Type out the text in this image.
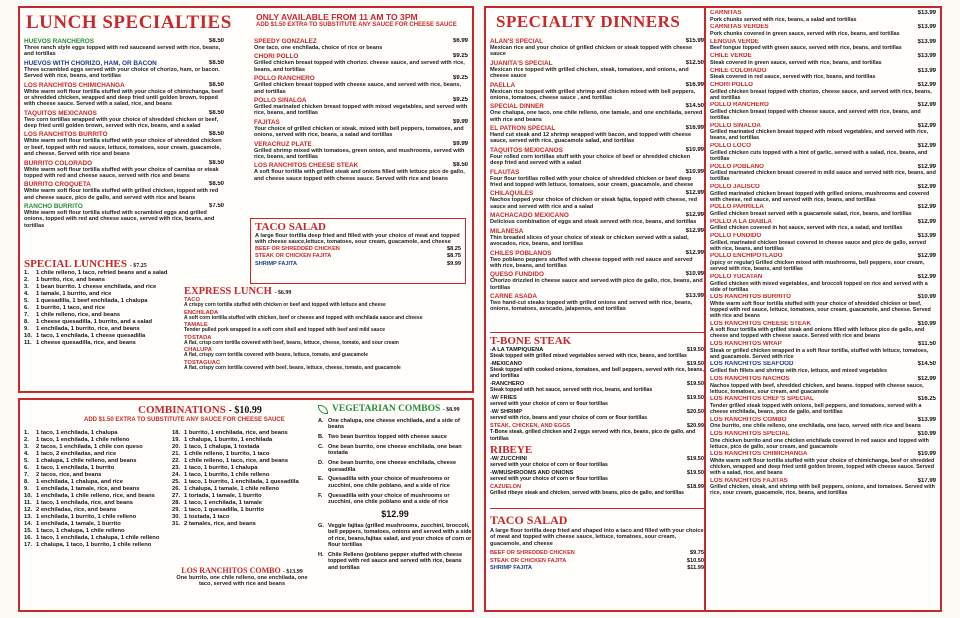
LUNCH SPECIALTIES	ONLY AVAILABLE FROM 11 AM TO 3PM
ADD $1.50 EXTRA TO SUBSTITUTE ANY SAUCE FOR CHEESE SAUCE
$8.50
HUEVOS RANCHEROS
Three ranch style eggs topped with red sauceand served with rice, beans, and tortillas
$8.50
HUEVOS WITH CHORIZO, HAM, OR BACON
Three scrambled eggs served with your choice of chorizo, ham, or bacon. Served with rice, beans, and tortillas
$8.50
LOS RANCHITOS CHIMICHANGA
White warm soft flour tortilla stuffed with your choice of chimichanga, beef or shredded chicken, wrapped and deep fried until golden brown, topped with cheese sauce. Served with a salad, rice, and beans
$8.50
TAQUITOS MEXICANOS
Two corn tortillas wrapped with your choice of shredded chicken or beef, deep fried until golden brown, served with rice, beans, and a salad
$8.50
LOS RANCHITOS BURRITO
White warm soft flour tortilla stuffed with your choice of shredded chicken or beef, topped with red sauce, lettuce, tomatoes, sour cream, guacamole, and cheese. Served with rice and beans
$8.50
BURRITO COLORADO
White warm soft flour tortilla stuffed with your choice of carnitas or steak topped with red and cheese sauce, served with rice and beans
$8.50
BURRITO CROQUETA
White warm soft flour tortilla stuffed with grilled chicken, topped with red and cheese sauce, pico de gallo, and served with rice and beans
$7.50
RANCHO BURRITO
White warm soft flour tortilla stuffed with scrambled eggs and grilled onions, topped with red and cheese sauce, served with rice, beans, and tortillas
$6.99
SPEEDY GONZALEZ
One taco, one enchilada, choice of rice or beans
$9.25
CHORI POLLO
Grilled chicken breast topped with chorizo. cheese sauce, and served with rice, beans, and tortillas
$9.25
POLLO RANCHERO
Grilled chicken breast topped with cheese sauce, and served with rice, beans, and tortillas
$9.25
POLLO SINALOA
Grilled marinated chicken breast topped with mixed vegetables, and served with rice, beans, and tortillas
$9.99
FAJITAS
Your choice of grilled chicken or steak, mixed with bell peppers, tomatoes, and onions, served with rice, beans, a salad and tortillas
$9.99
VERACRUZ PLATE
Grilled shrimp mixed with tomatoes, green onion, and mushrooms, served with rice, beans, and tortillas
$8.50
LOS RANCHITOS CHEESE STEAK
A soft flour tortilla with grilled steak and onions filled with lettuce pico de gallo, and cheese sauce topped with cheese sauce. Served with rice and beans
TACO SALAD
A large flour tortilla deep fried and filled with your choice of meat and topped with cheese sauce,lettuce, tomatoes, sour cream, guacamole, and cheese
$8.25
BEEF OR SHREDDED CHICKEN
$8.75
STEAK OR CHICKEN FAJITA
$9.99
SHRIMP FAJITA
SPECIAL LUNCHES - $7.25
1. 1 chile relleno, 1 taco, refried beans and a salad
2. 1 burrito, rice, and beans
3. 1 bean burrito. 1 cheese enchilada, and rice
4. 1 tamale, 1 burrito, and rice
5. 1 quesadilla, 1 beef enchilada, 1 chalupa
6. 1 burrito, 1 taco, and rice
7. 1 chile relleno, rice, and beans
8. 1 cheese quesadilla, 1 burrito, and a salad
9. 1 enchilada, 1 burrito, rice, and beans
10. 1 taco, 1 enchilada, 1 cheese quesadilla
11. 1 cheese quesadilla, rice, and beans
EXPRESS LUNCH - $6.99
TACO
A crispy corn tortilla stuffed with chicken or beef and topped with lettuce and cheese
ENCHILADA
A soft corn tortilla stuffed with chicken, beef or cheese and topped with enchilada sauce and cheese
TAMALE
Tender pulled pork wrapped in a soft corn shell and topped with beef and mild sauce
TOSTADA
A flat, crisp corn tortilla covered with beef, beans, lettuce, cheese, tomato, and sour cream
CHALUPA
A flat, crispy corn tortilla covered with beans, lettuce, tomato, and guacamole
TOSTAGUAC
A flat, crispy corn tortilla covered with beef, beans, lettuce, cheese, tomato, and guacamole
COMBINATIONS - $10.99
ADD $1.50 EXTRA TO SUBSTITUTE ANY SAUCE FOR CHEESE SAUCE
1. 1 taco, 1 enchilada, 1 chalupa
2. 1 taco, 1 enchilada, 1 chile relleno
3. 2 tacos, 1 enchilada, 1 chile con queso
4. 1 taco, 2 enchiladas, and rice
5. 1 chalupa, 1 chile relleno, and beans
6. 1 taco, 1 enchilada, 1 burrito
7. 2 tacos, rice, and beans
8. 1 enchilada, 1 chalupa, and rice
9. 1 enchilada, 1 tamale, rice, and beans
10. 1 enchilada, 1 chile relleno, rice, and beans
11. 1 taco, 1 enchilada, rice, and beans
12. 2 enchiladas, rice, and beans
13. 1 enchilada, 1 burrito, 1 chile relleno
14. 1 enchilada, 1 tamale, 1 burrito
15. 1 taco, 1 chalupa, 1 chile relleno
16. 1 taco, 1 enchilada, 1 chalupa, 1 chile relleno
17. 1 chalupa, 1 taco, 1 burrito, 1 chile relleno
18. 1 burrito, 1 enchilada, rice, and beans
19. 1 chalupa, 1 burrito, 1 enchilada
20. 1 taco, 1 chalupa, 1 tostada
21. 1 chile relleno, 1 burrito, 1 taco
22. 1 chile relleno, 1 taco, rice, and beans
23. 1 taco, 1 burrito, 1 chalupa
24. 1 taco, 1 burrito, 1 chile relleno
25. 1 taco, 1 burrito, 1 enchilada, 1 quesadilla
26. 1 chalupa, 1 tamale, 1 chile relleno
27. 1 tortada, 1 tamale, 1 burrito
28. 1 taco, 1 enchilada, 1 tamale
29. 1 taco, 1 quesadilla, 1 burrito
30. 1 tostada, 1 taco
31. 2 tamales, rice, and beans
LOS RANCHITOS COMBO - $13.99
One burrito, one chile relleno, one enchilada, one taco, served with rice and beans
VEGETARIAN COMBOS - $8.99
A. One chalupa, one cheese enchilada, and a side of beans
B. Two bean burritos topped with cheese sauce
C. One bean burrito, one cheese enchilada, one bean tostada
D. One bean burrito, one cheese enchilada, cheese quesadilla
E. Quesadilla with your choice of mushrooms or zucchini, one chile poblano, and a side of rice
F.	Quesadilla with your choice of mushrooms or zucchini, one chile poblano and a side of rice
$12.99
G. Veggie fajitas (grilled mushrooms, zucchini, broccoli, bell peppers, tomatoes, onions and served with a side of rice, beans,fajitas salad, and your choice of corn or flour tortillas
H. Chile Relleno (poblano pepper stuffed with cheese topped with red sauce and served with rice, beans and tortillas
SPECIALTY DINNERS
$15.99
ALAN'S SPECIAL
Mexican rice and your choice of grilled chicken or steak topped with cheese sauce
$12.50
JUANITA'S SPECIAL
Mexican rice topped with grilled chicken, steak, tomatoes, and onions, and cheese sauce
$16.99
PAELLA
Mexican rice topped with grilled shrimp and chicken mixed with bell peppers, onions, tomatoes, cheese sauce , and tortillas
$14.50
SPECIAL DINNER
One chalupa, one taco, one chile relleno, one tamale, and one enchilada, served with rice and beans
$16.99
EL PATRON SPECIAL
Hand cut steak and 12 shrimp wrapped with bacon, and topped with cheese sauce, served with rice, guacamole salad, and tortillas
$10.99
TAQUITOS MEXICANOS
Four rolled corn tortillas stuff with your choice of beef or shredded chicken deep fried and served with a salad
$10.99
FLAUTAS
Four flour tortillas rolled with your choice of shredded chicken or beef deep fried and topped with lettuce, tomatoes, sour cream, guacamole, and cheese
$12.99
CHILAQUILES
Nachos topped your choice of chicken or steak fajita, topped with cheese, red sauce and served with rice and a salad
$12.99
MACHACADO MEXICANO
Delicious combination of eggs and steak served with rice, beans, and tortillas
$12.99
MILANESA
Thin breaded slices of your choice of steak or chicken served with a salad, avocados, rice, beans, and tortillas
$12.99
CHILES POBLANOS
Two poblano peppers stuffed with cheese topped with red sauce and served with rice, beans, and tortillas
$10.99
QUESO FUNDIDO
Chorizo drizzled in cheese sauce and served with pico de gallo, rice, beans, and tortillas
$13.99
CARNE ASADA
Two hand-cut steaks topped with grilled onions and served with rice, beans, onions, tomatoes, avocado, jalapenos, and tortillas
T-BONE STEAK
$19.50
-A LA TAMPIQUENA
Steak topped with grilled mixed vegetables served with rice, beans, and tortillas
$19.50
-MEXICANO
Steak topped with cooked onions, tomatoes, and bell peppers, served with rice, beans, and tortillas
$19.50
-RANCHERO
Steak topped with hot sauce, served with rice, beans, and tortillas
$19.50
-W/ FRIES
served with your choice of corn or flour tortillas
$20.50
-W/ SHRIMP
served with rice, beans and your choice of corn or flour tortillas
$20.99
STEAK, CHICKEN, AND EGGS
T-Bone steak, grilled chicken and 2 eggs served with rice, beans, pico de gallo, and tortillas
RIBEYE
$19.50
-W/ ZUCCHINI
served with your choice of corn or flour tortillas
$19.50
-W/MUSHROOMS AND ONIONS
served with your choice of corn or flour tortillas
$18.99
CAZUELON
Grilled ribeye steak and chicken, served with beans, pico de gallo, and tortillas
TACO SALAD
A large flour tortilla deep fried and shaped into a taco and filled with your choice of meat and topped with cheese sauce, lettuce, tomatoes, sour cream, guacamole, and cheese
$9.75
BEEF OR SHREDDED CHICKEN
$10.50
STEAK OR CHICKEN FAJITA
$11.99
SHRIMP FAJITA
$13.99
CARNITAS
Pork chunks served with rice, beans, a salad and tortillas
$13.99
CARNITAS VERDES
Pork chunks covered in green sauce, served with rice, beans, and tortillas
$13.99
LENGUA VERDE
Beef tongue topped with green sauce, served with rice, beans, and tortillas
$13.99
CHILE VERDE
Steak covered in green sauce, served with rice, beans, and tortillas
$13.99
CHILE COLORADO
Steak covered in red sauce, served with rice, beans, and tortillas
$12.99
CHORI POLLO
Grilled chicken breast topped with chorizo, cheese sauce, and served with rice, beans, and tortillas
$12.99
POLLO RANCHERO
Grilled chicken breast topped with cheese sauce, and served with rice, beans, and tortillas
$12.99
POLLO SINALOA
Grilled marinated chicken breast topped with mixed vegetables, and served with rice, beans, and tortillas
$12.99
POLLO LOCO
Grilled chicken cuts topped with a hint of garlic, served with a salad, rice, beans, and tortillas
$12.99
POLLO POBLANO
Grilled marinated chicken breast covered in mild sauce and served with rice, beans, and tortillas
$12.99
POLLO JALISCO
Grilled marinated chicken breast topped with grilled onions, mushrooms and covered with cheese, red sauce, and served with rice, beans, and tortillas
$12.99
POLLO PARRILLA
Grilled chicken breast served with a guacamole salad, rice, beans, and tortillas
$12.99
POLLO A LA DIABLA
Grilled chicken covered in hot sauce, served with rice, a salad, and tortillas
$13.99
POLLO FUNDIDO
Grilled, marinated chicken breast covered in cheese sauce and pico de gallo, served with rice, beans, and tortillas
$12.99
POLLO ENCHIPOTLADO
(spicy or regular) Grilled chicken mixed with mushrooms, bell peppers, sour cream, served with rice, beans, and tortillas
$12.99
POLLO YUCATAN
Grilled chicken with mixed vegetables, and broccoli topped on rice and served with a side of tortillas
$10.99
LOS RANCHITOS BURRITO
White warm soft flour tortilla stuffed with your choice of shredded chicken or beef, topped with red sauce, lettuce, tomatoes, sour cream, guacamole, and cheese. Served with rice and beans
$10.99
LOS RANCHITOS CHEESE STEAK
A soft flour tortilla with grilled steak and onions filled with lettuce pico de gallo, and cheese and topped with cheese sauce. Served with rice and beans
$11.50
LOS RANCHITOS WRAP
Steak or grilled chicken wrapped in a soft flour tortilla, stuffed with lettuce, tomatoes, and guacamole. Served with rice
$14.50
LOS RANCHITOS SEAFOOD
Grilled fish fillets and shrimp with rice, lettuce, and mixed vegetables
$12.99
LOS RANCHITOS NACHOS
Nachos topped with beef, shredded chicken, and beans. topped with cheese sauce, lettuce, tomatoes, sour cream, and guacamole
$16.25
LOS RANCHITOS CHEF'S SPECIAL
Tender grilled steak topped with onions, bell peppers, and tomatoes, served with a cheese enchilada, beans, pico de gallo, and tortillas
$13.99
LOS RANCHITOS COMBO
One burrito, one chile relleno, one enchilada, one taco, served with rice and beans
$10.99
LOS RANCHITOS SPECIAL
One chicken burrito and one chicken enchilada covered in red sauce and topped with lettuce, pico de gallo, sour cream, and guacamole
$10.99
LOS RANCHITOS CHIMICHANGA
White warm soft flour tortilla stuffed with your choice of chimichanga, beef or shredded chicken, wrapped and deep fried until golden brown, topped with cheese sauce. Served with a salad, rice, and beans
$17.99
LOS RANCHITOS FAJITAS
Grilled chicken, steak, and shrimp with bell peppers, onions, and tomatoes. Served with rice, sour cream, guacamole, rice, beans, and tortillas
